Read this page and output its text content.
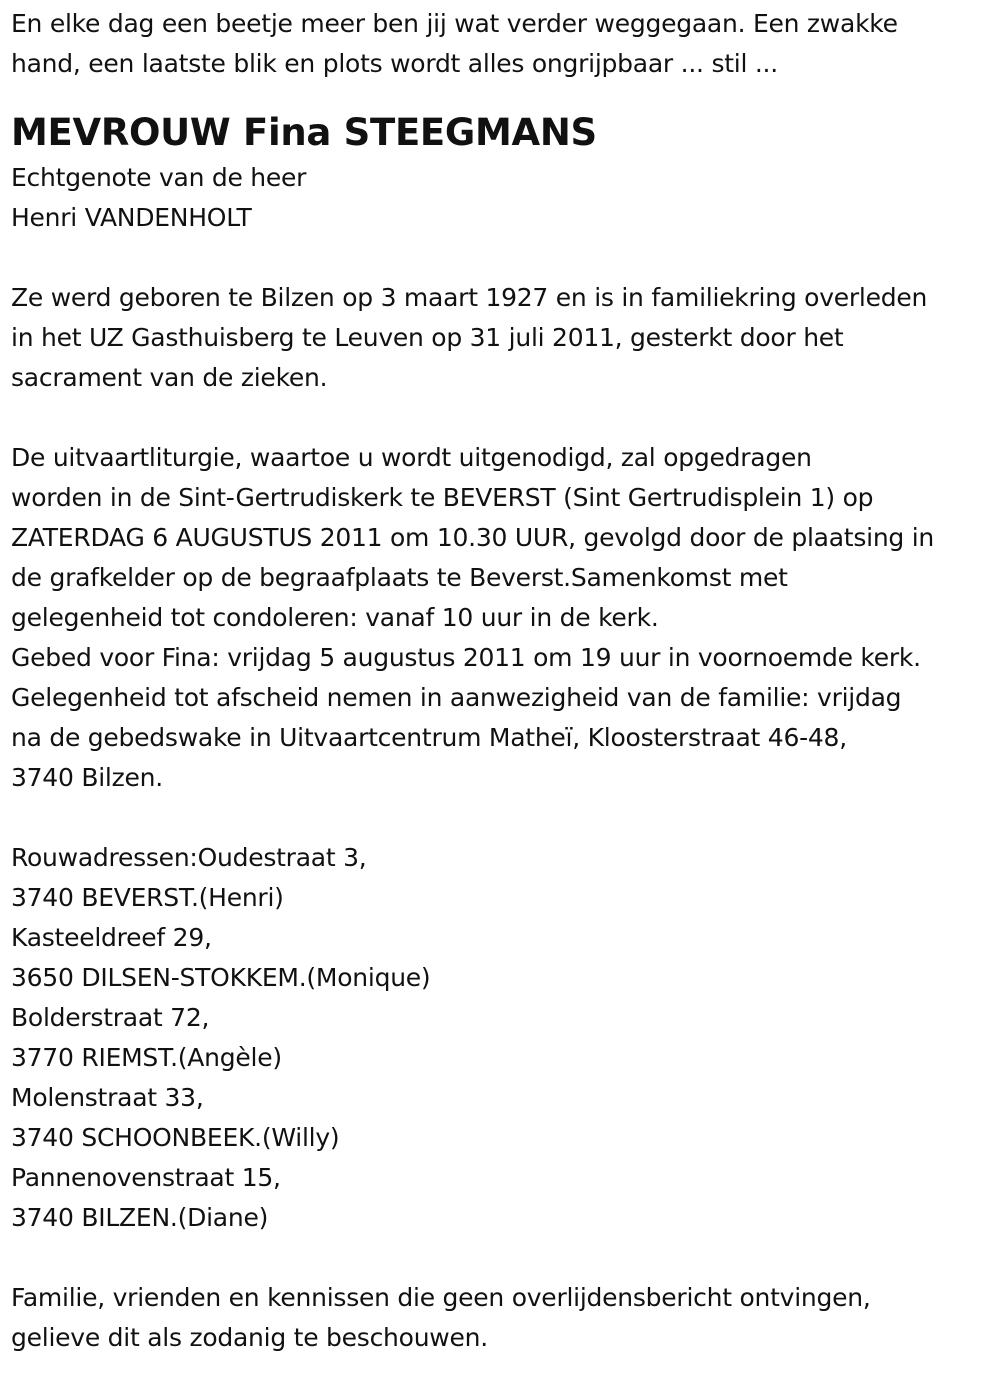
En elke dag een beetje meer ben jij wat verder weggegaan. Een zwakke
hand, een laatste blik en plots wordt alles ongrijpbaar ... stil ...
MEVROUW Fina STEEGMANS
Echtgenote van de heer
Henri VANDENHOLT
Ze werd geboren te Bilzen op 3 maart 1927 en is in familiekring overleden
in het UZ Gasthuisberg te Leuven op 31 juli 2011, gesterkt door het
sacrament van de zieken.
De uitvaartliturgie, waartoe u wordt uitgenodigd, zal opgedragen
worden in de Sint-Gertrudiskerk te BEVERST (Sint Gertrudisplein 1) op
ZATERDAG 6 AUGUSTUS 2011 om 10.30 UUR, gevolgd door de plaatsing in
de grafkelder op de begraafplaats te Beverst.Samenkomst met
gelegenheid tot condoleren: vanaf 10 uur in de kerk.
Gebed voor Fina: vrijdag 5 augustus 2011 om 19 uur in voornoemde kerk.
Gelegenheid tot afscheid nemen in aanwezigheid van de familie: vrijdag
na de gebedswake in Uitvaartcentrum Matheï, Kloosterstraat 46-48,
3740 Bilzen.
Rouwadressen:Oudestraat 3,
3740 BEVERST.(Henri)
Kasteeldreef 29,
3650 DILSEN-STOKKEM.(Monique)
Bolderstraat 72,
3770 RIEMST.(Angèle)
Molenstraat 33,
3740 SCHOONBEEK.(Willy)
Pannenovenstraat 15,
3740 BILZEN.(Diane)
Familie, vrienden en kennissen die geen overlijdensbericht ontvingen,
gelieve dit als zodanig te beschouwen.
